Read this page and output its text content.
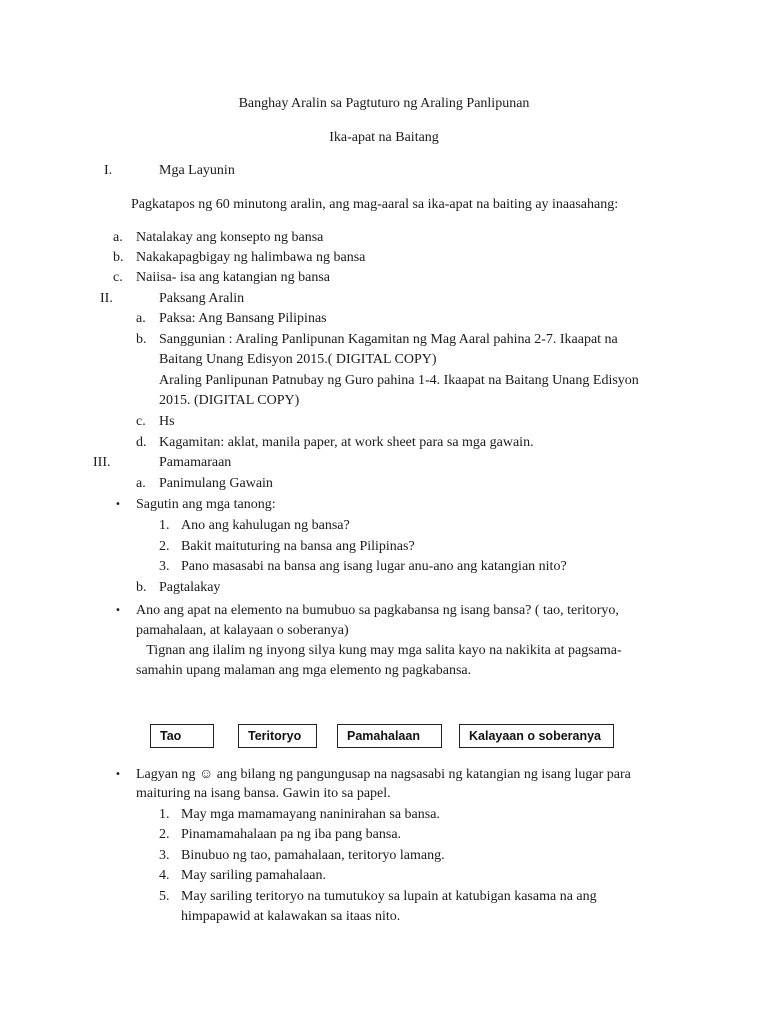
Banghay Aralin sa Pagtuturo ng Araling Panlipunan
Ika-apat na Baitang
I.	Mga Layunin
Pagkatapos ng 60 minutong aralin, ang mag-aaral sa ika-apat na baiting ay inaasahang:
a. Natalakay ang konsepto ng bansa
b. Nakakapagbigay ng halimbawa ng bansa
c. Naiisa- isa ang katangian ng bansa
II.	Paksang Aralin
a. Paksa: Ang Bansang Pilipinas
b. Sanggunian : Araling Panlipunan Kagamitan ng Mag Aaral pahina 2-7. Ikaapat na
Baitang Unang Edisyon 2015.( DIGITAL COPY)
Araling Panlipunan Patnubay ng Guro pahina 1-4. Ikaapat na Baitang Unang Edisyon
2015. (DIGITAL COPY)
c. Hs
d. Kagamitan: aklat, manila paper, at work sheet para sa mga gawain.
III.	Pamamaraan
a. Panimulang Gawain
• Sagutin ang mga tanong:
1. Ano ang kahulugan ng bansa?
2. Bakit maituturing na bansa ang Pilipinas?
3. Pano masasabi na bansa ang isang lugar anu-ano ang katangian nito?
b. Pagtalakay
• Ano ang apat na elemento na bumubuo sa pagkabansa ng isang bansa? ( tao, teritoryo,
pamahalaan, at kalayaan o soberanya)
Tignan ang ilalim ng inyong silya kung may mga salita kayo na nakikita at pagsama-
samahin upang malaman ang mga elemento ng pagkabansa.
Tao	Teritoryo	Pamahalaan	Kalayaan o soberanya
• Lagyan ng ☺ ang bilang ng pangungusap na nagsasabi ng katangian ng isang lugar para
maituring na isang bansa. Gawin ito sa papel.
1. May mga mamamayang naninirahan sa bansa.
2. Pinamamahalaan pa ng iba pang bansa.
3. Binubuo ng tao, pamahalaan, teritoryo lamang.
4. May sariling pamahalaan.
5. May sariling teritoryo na tumutukoy sa lupain at katubigan kasama na ang
himpapawid at kalawakan sa itaas nito.
